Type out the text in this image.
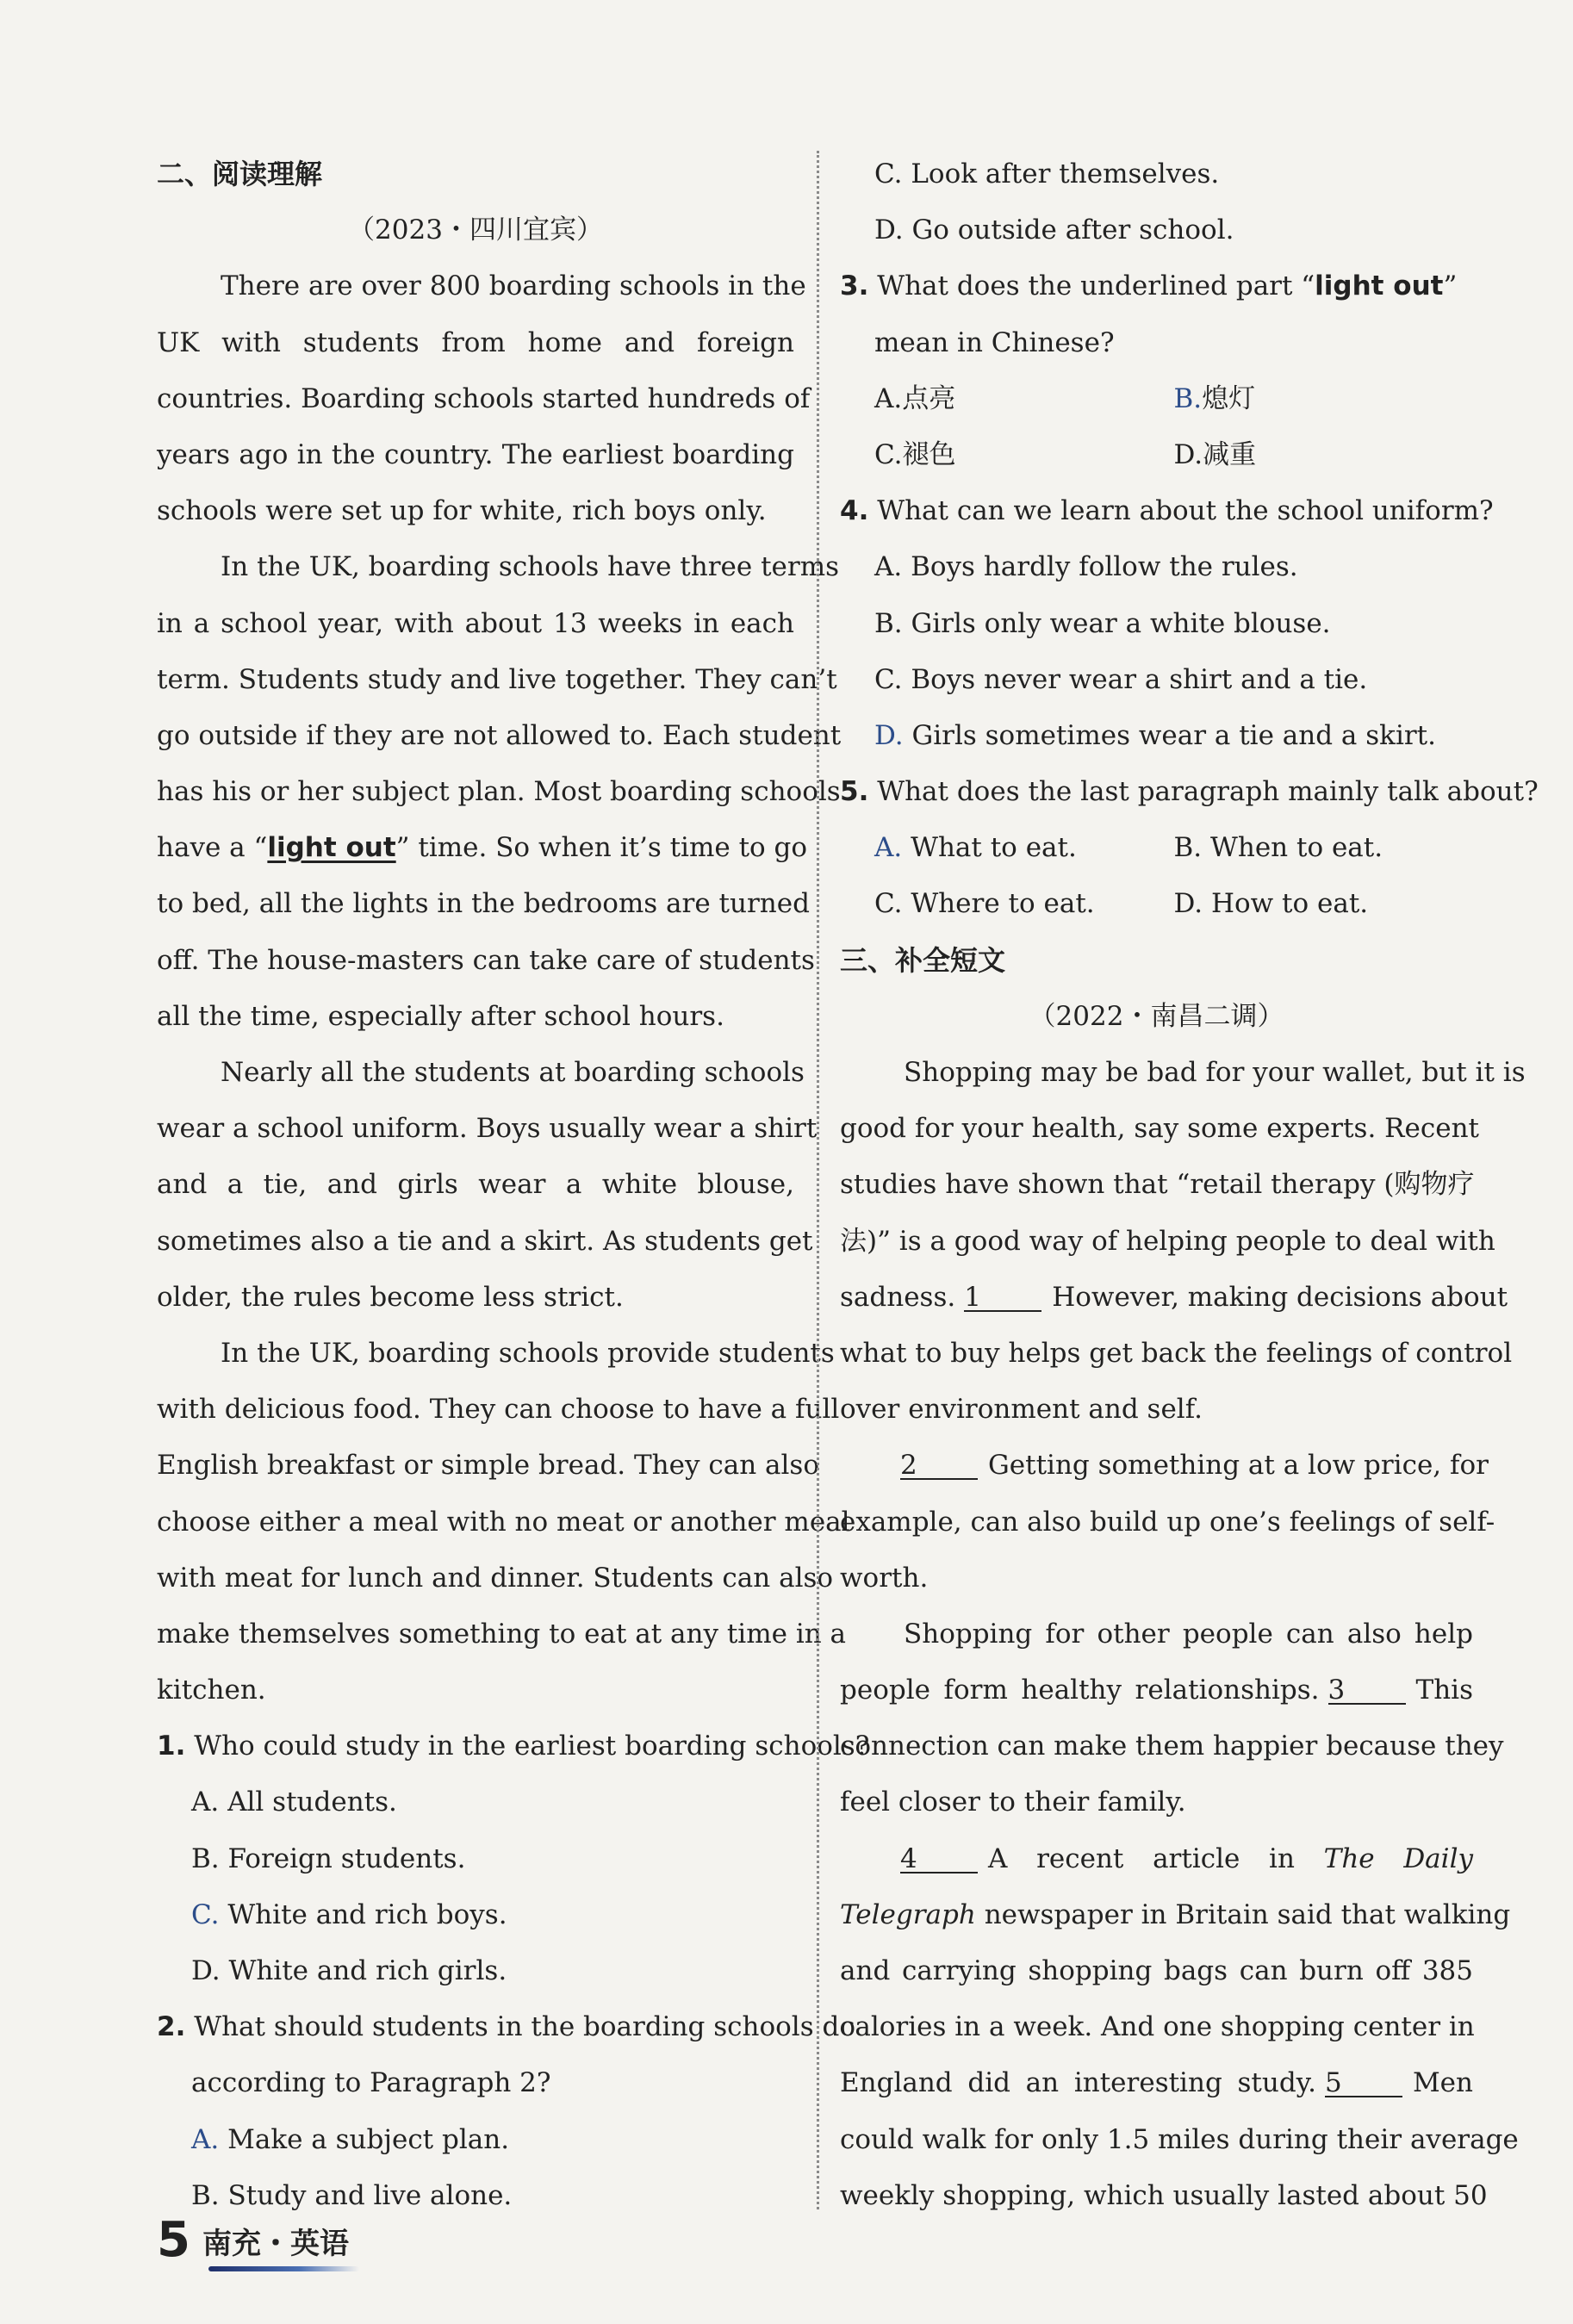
二、阅读理解
（2023・四川宜宾）
There are over 800 boarding schools in the
UK with students from home and foreign
countries. Boarding schools started hundreds of
years ago in the country. The earliest boarding
schools were set up for white, rich boys only.
In the UK, boarding schools have three terms
in a school year, with about 13 weeks in each
term. Students study and live together. They can’t
go outside if they are not allowed to. Each student
has his or her subject plan. Most boarding schools
have a “light out” time. So when it’s time to go
to bed, all the lights in the bedrooms are turned
off. The house-masters can take care of students
all the time, especially after school hours.
Nearly all the students at boarding schools
wear a school uniform. Boys usually wear a shirt
and a tie, and girls wear a white blouse,
sometimes also a tie and a skirt. As students get
older, the rules become less strict.
In the UK, boarding schools provide students
with delicious food. They can choose to have a full
English breakfast or simple bread. They can also
choose either a meal with no meat or another meal
with meat for lunch and dinner. Students can also
make themselves something to eat at any time in a
kitchen.
1. Who could study in the earliest boarding schools?
A. All students.
B. Foreign students.
C. White and rich boys.
D. White and rich girls.
2. What should students in the boarding schools do
according to Paragraph 2?
A. Make a subject plan.
B. Study and live alone.
C. Look after themselves.
D. Go outside after school.
3. What does the underlined part “light out”
mean in Chinese?
A.点亮	B.熄灯
C.褪色	D.减重
4. What can we learn about the school uniform?
A. Boys hardly follow the rules.
B. Girls only wear a white blouse.
C. Boys never wear a shirt and a tie.
D. Girls sometimes wear a tie and a skirt.
5. What does the last paragraph mainly talk about?
A. What to eat.	B. When to eat.
C. Where to eat.	D. How to eat.
三、补全短文
（2022・南昌二调）
Shopping may be bad for your wallet, but it is
good for your health, say some experts. Recent
studies have shown that “retail therapy (购物疗
法)” is a good way of helping people to deal with
sadness. 1	However, making decisions about
what to buy helps get back the feelings of control
over environment and self.
2	Getting something at a low price, for
example, can also build up one’s feelings of self-
worth.
Shopping for other people can also help
people form healthy relationships. 3	This
connection can make them happier because they
feel closer to their family.
4	A recent article in The Daily
Telegraph newspaper in Britain said that walking
and carrying shopping bags can burn off 385
calories in a week. And one shopping center in
England did an interesting study. 5	Men
could walk for only 1.5 miles during their average
weekly shopping, which usually lasted about 50
5 南充・英语
